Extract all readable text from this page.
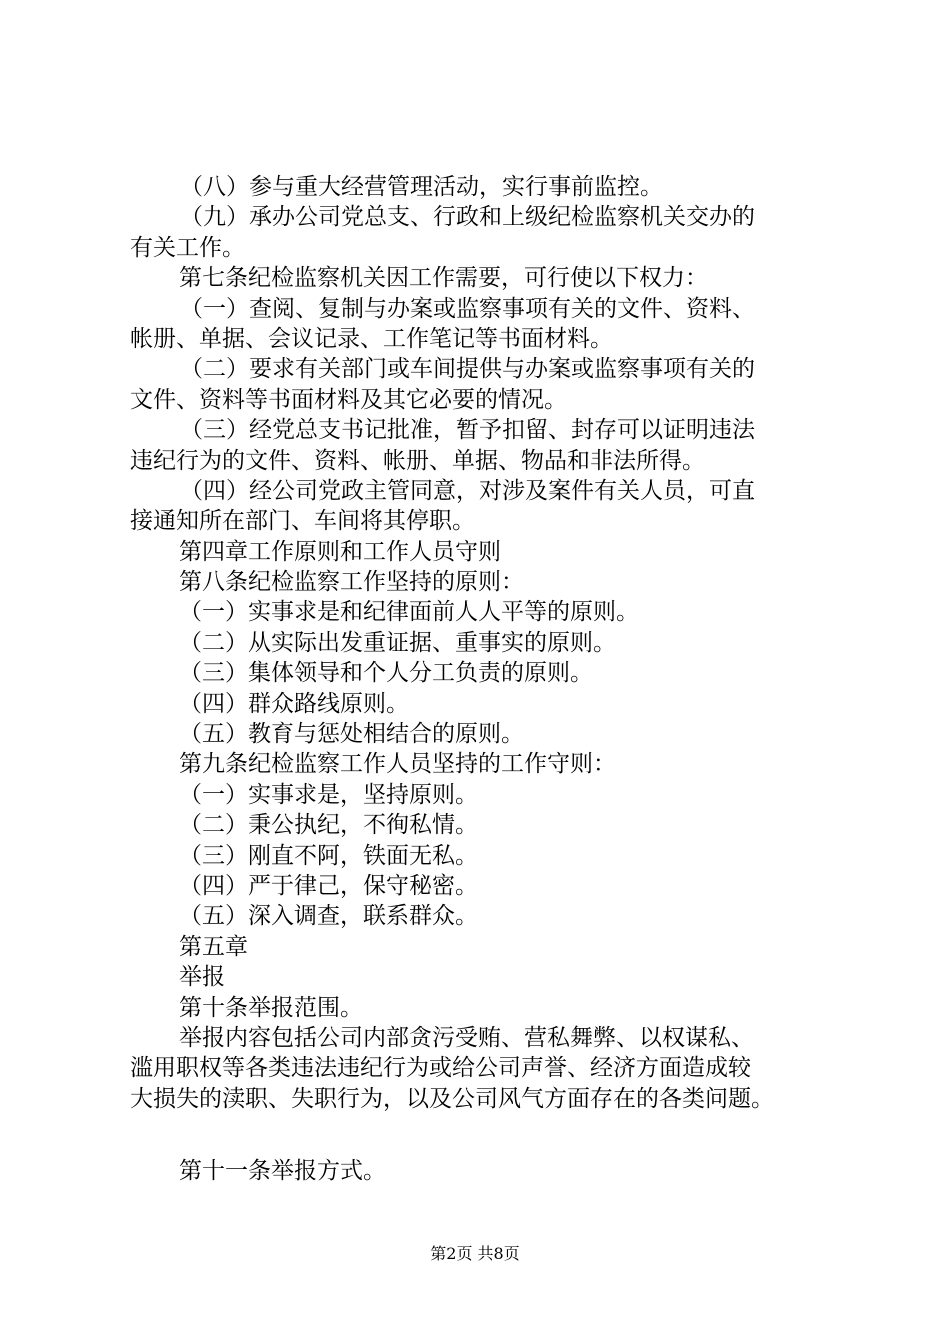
（八）参与重大经营管理活动，实行事前监控。
（九）承办公司党总支、行政和上级纪检监察机关交办的
有关工作。
第七条纪检监察机关因工作需要，可行使以下权力：
（一）查阅、复制与办案或监察事项有关的文件、资料、
帐册、单据、会议记录、工作笔记等书面材料。
（二）要求有关部门或车间提供与办案或监察事项有关的
文件、资料等书面材料及其它必要的情况。
（三）经党总支书记批准，暂予扣留、封存可以证明违法
违纪行为的文件、资料、帐册、单据、物品和非法所得。
（四）经公司党政主管同意，对涉及案件有关人员，可直
接通知所在部门、车间将其停职。
第四章工作原则和工作人员守则
第八条纪检监察工作坚持的原则：
（一）实事求是和纪律面前人人平等的原则。
（二）从实际出发重证据、重事实的原则。
（三）集体领导和个人分工负责的原则。
（四）群众路线原则。
（五）教育与惩处相结合的原则。
第九条纪检监察工作人员坚持的工作守则：
（一）实事求是，坚持原则。
（二）秉公执纪，不徇私情。
（三）刚直不阿，铁面无私。
（四）严于律己，保守秘密。
（五）深入调查，联系群众。
第五章
举报
第十条举报范围。
举报内容包括公司内部贪污受贿、营私舞弊、以权谋私、
滥用职权等各类违法违纪行为或给公司声誉、经济方面造成较
大损失的渎职、失职行为，以及公司风气方面存在的各类问题。
第十一条举报方式。
第2页 共8页
